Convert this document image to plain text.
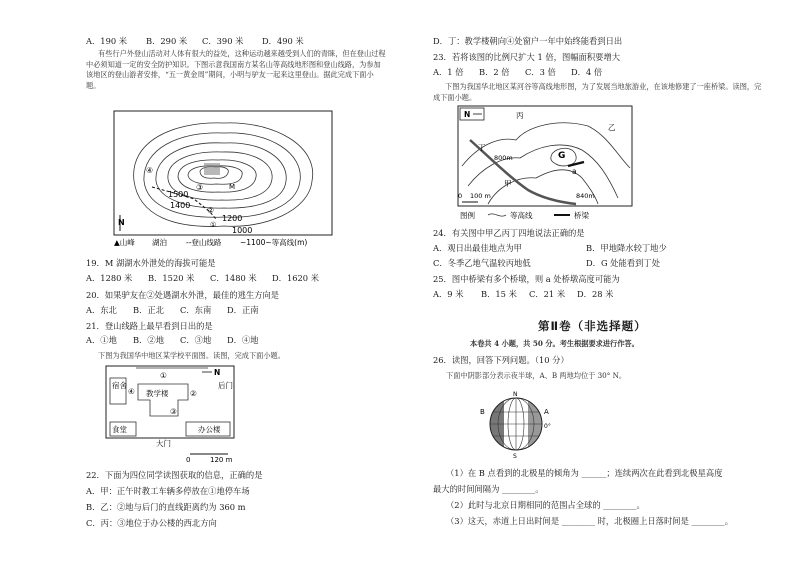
A．190 米 B．290 米 C．390 米 D．490 米
有些行户外登山活动对人体有很大的益处，这种运动越来越受到人们的青睐，但在登山过程中必须知道一定的安全防护知识。下图示意我国南方某名山等高线地形图和登山线路，为参加该地区的登山游者安排，“五一黄金周”期间，小明与驴友一起来这里登山。据此完成下面小题。
④
②
③	M
1500
1400
1200
①
1000
N
▲山峰 湖泊	--登山线路 ~1100~等高线(m)
19．M 湖湖水外泄处的海拔可能是
A．1280 米 B．1520 米 C．1480 米 D．1620 米
20．如果驴友在②处遇湖水外泄，最佳的逃生方向是
A．东北 B．正北 C．东南 D．正南
21．登山线路上最早看到日出的是
A．①地 B．②地 C．③地 D．④地
下图为我国华中地区某学校平面图。读图，完成下面小题。
宿舍
食堂
教学楼
后门
大门
办公楼
N
①
②
③
④
0	120 m
22．下面为四位同学读图获取的信息，正确的是
A．甲：正午时教工车辆多停放在①地停车场
B．乙：②地与后门的直线距离约为 360 m
C．丙：③地位于办公楼的西北方向
D．丁：教学楼朝向④处窗户一年中始终能看到日出
23．若将该图的比例尺扩大 1 倍，图幅面积要增大
A．1 倍 B．2 倍 C．3 倍 D．4 倍
下图为我国华北地区某河谷等高线地形图，为了发展当地旅游业，在该地修建了一座桥梁。读图，完成下面小题。
N	丙
乙
丁
甲
G
a
800m
840m
0 100 m
图例	等高线	桥梁
24．有关图中甲乙丙丁四地说法正确的是
A．观日出最佳地点为甲	B．甲地降水较丁地少
C．冬季乙地气温较丙地低	D．G 处能看到丁处
25．图中桥梁有多个桥墩，则 a 处桥墩高度可能为
A．9 米 B．15 米 C．21 米 D．28 米
第Ⅱ卷（非选择题）
本卷共 4 小题，共 50 分。考生根据要求进行作答。
26．读图，回答下列问题。（10 分）
下面中阴影部分表示夜半球，A、B 两地均位于 30° N。
N
S
B	A
0°
（1）在 B 点看到的北极星的倾角为 ______；连续两次在此看到北极星高度
最大的时间间隔为 ________。
（2）此时与北京日期相同的范围占全球的 ________。
（3）这天，赤道上日出时间是 ________ 时，北极圈上日落时间是 ________。
